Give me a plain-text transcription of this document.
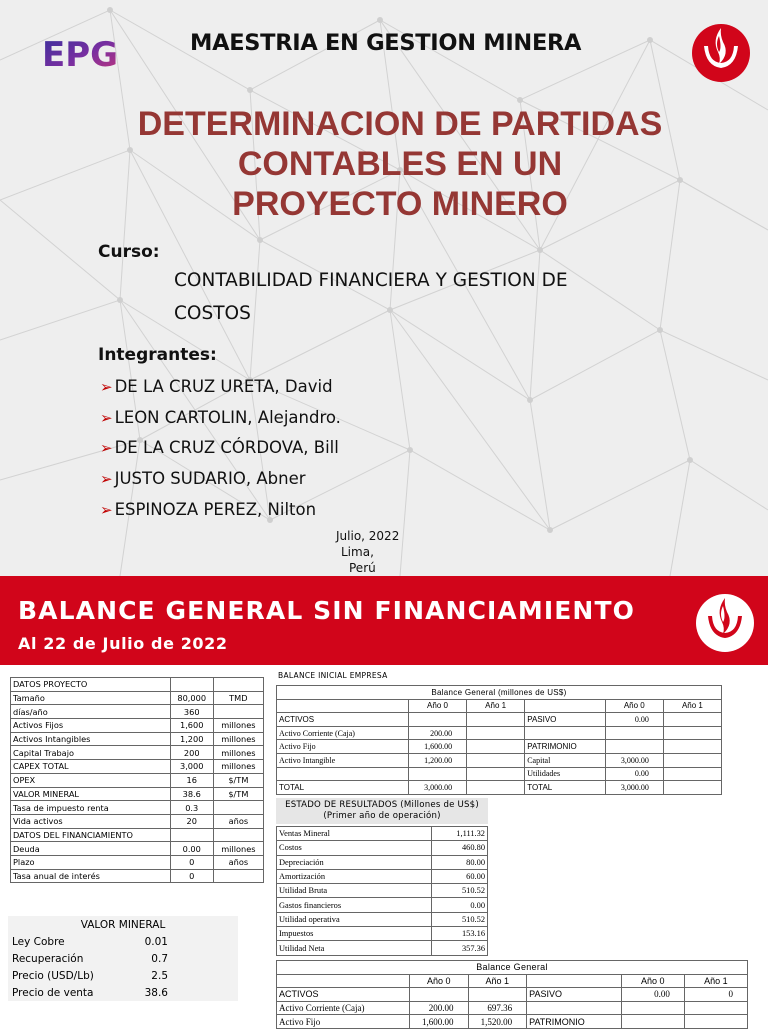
EPG	MAESTRIA EN GESTION MINERA
DETERMINACION DE PARTIDAS
CONTABLES EN UN
PROYECTO MINERO
Curso:
CONTABILIDAD FINANCIERA Y GESTION DE COSTOS
Integrantes:
➢ DE LA CRUZ URETA, David
➢ LEON CARTOLIN, Alejandro.
➢ DE LA CRUZ CÓRDOVA, Bill
➢ JUSTO SUDARIO, Abner
➢ ESPINOZA PEREZ, Nilton
Julio, 2022
Lima,
Perú
BALANCE GENERAL SIN FINANCIAMIENTO
Al 22 de Julio de 2022
DATOS PROYECTO		
Tamaño	80,000	TMD
días/año	360	
Activos Fijos	1,600	millones
Activos Intangibles	1,200	millones
Capital Trabajo	200	millones
CAPEX TOTAL	3,000	millones
OPEX	16	$/TM
VALOR MINERAL	38.6	$/TM
Tasa de impuesto renta	0.3	
Vida activos	20	años
DATOS DEL FINANCIAMIENTO		
Deuda	0.00	millones
Plazo	0	años
Tasa anual de interés	0	
VALOR MINERAL	
Ley Cobre	0.01
Recuperación	0.7
Precio (USD/Lb)	2.5
Precio de venta	38.6
BALANCE INICIAL EMPRESA
Balance General (millones de US$)					
	Año 0	Año 1		Año 0	Año 1
ACTIVOS			PASIVO	0.00	
Activo Corriente (Caja)	200.00				
Activo Fijo	1,600.00		PATRIMONIO		
Activo Intangible	1,200.00		Capital	3,000.00	
			Utilidades	0.00	
TOTAL	3,000.00		TOTAL	3,000.00	
ESTADO DE RESULTADOS (Millones de US$)
(Primer año de operación)
Ventas Mineral	1,111.32
Costos	460.80
Depreciación	80.00
Amortización	60.00
Utilidad Bruta	510.52
Gastos financieros	0.00
Utilidad operativa	510.52
Impuestos	153.16
Utilidad Neta	357.36
Balance General					
	Año 0	Año 1		Año 0	Año 1
ACTIVOS			PASIVO	0.00	0
Activo Corriente (Caja)	200.00	697.36			
Activo Fijo	1,600.00	1,520.00	PATRIMONIO		
